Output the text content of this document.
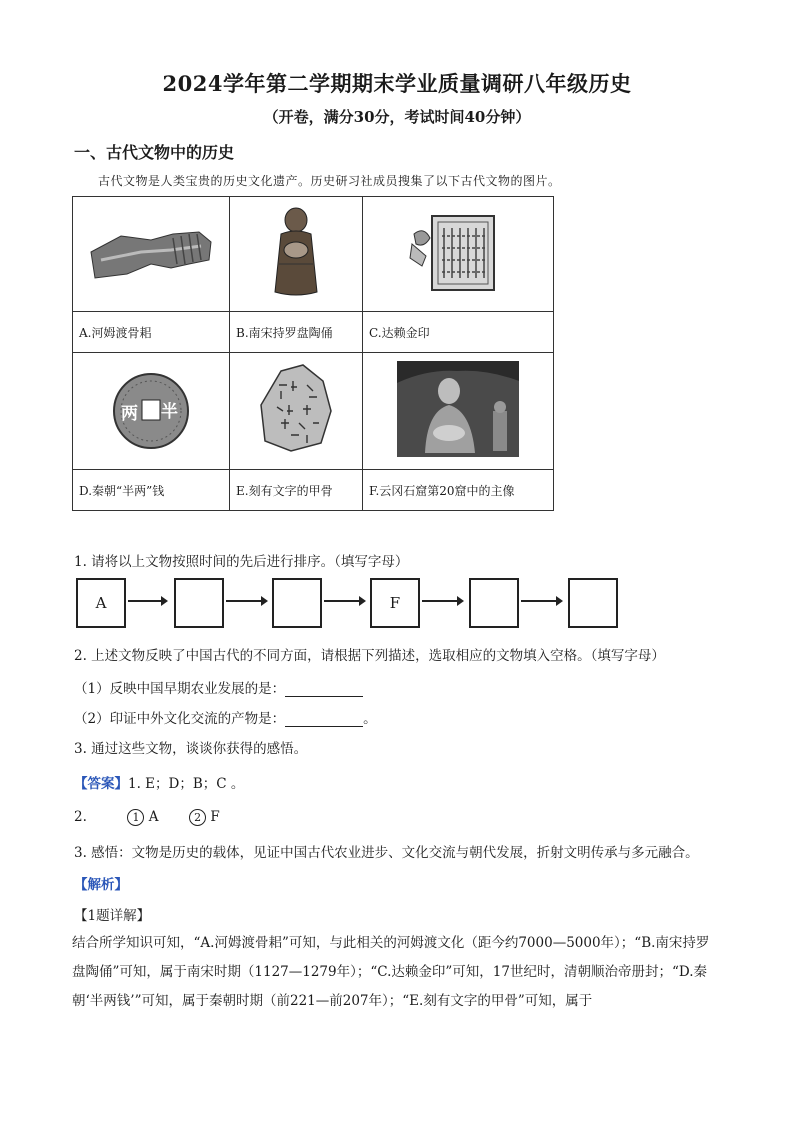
2024学年第二学期期末学业质量调研八年级历史
（开卷，满分30分，考试时间40分钟）
一、古代文物中的历史
古代文物是人类宝贵的历史文化遗产。历史研习社成员搜集了以下古代文物的图片。

A.河姆渡骨耜	B.南宋持罗盘陶俑	C.达赖金印

半
两

D.秦朝“半两”钱	E.刻有文字的甲骨	F.云冈石窟第20窟中的主像
1. 请将以上文物按照时间的先后进行排序。（填写字母）
A	F
2. 上述文物反映了中国古代的不同方面，请根据下列描述，选取相应的文物填入空格。（填写字母）
（1）反映中国早期农业发展的是：
（2）印证中外文化交流的产物是：	。
3. 通过这些文物，谈谈你获得的感悟。
【答案】1. E；D；B；C 。
2.	1 A	2 F
3. 感悟：文物是历史的载体，见证中国古代农业进步、文化交流与朝代发展，折射文明传承与多元融合。
【解析】
【1题详解】
结合所学知识可知，“A.河姆渡骨耜”可知，与此相关的河姆渡文化（距今约7000—5000年）；“B.南宋持罗盘陶俑”可知，属于南宋时期（1127—1279年）；“C.达赖金印”可知，17世纪时，清朝顺治帝册封；“D.秦朝‘半两钱’”可知，属于秦朝时期（前221—前207年）；“E.刻有文字的甲骨”可知，属于
